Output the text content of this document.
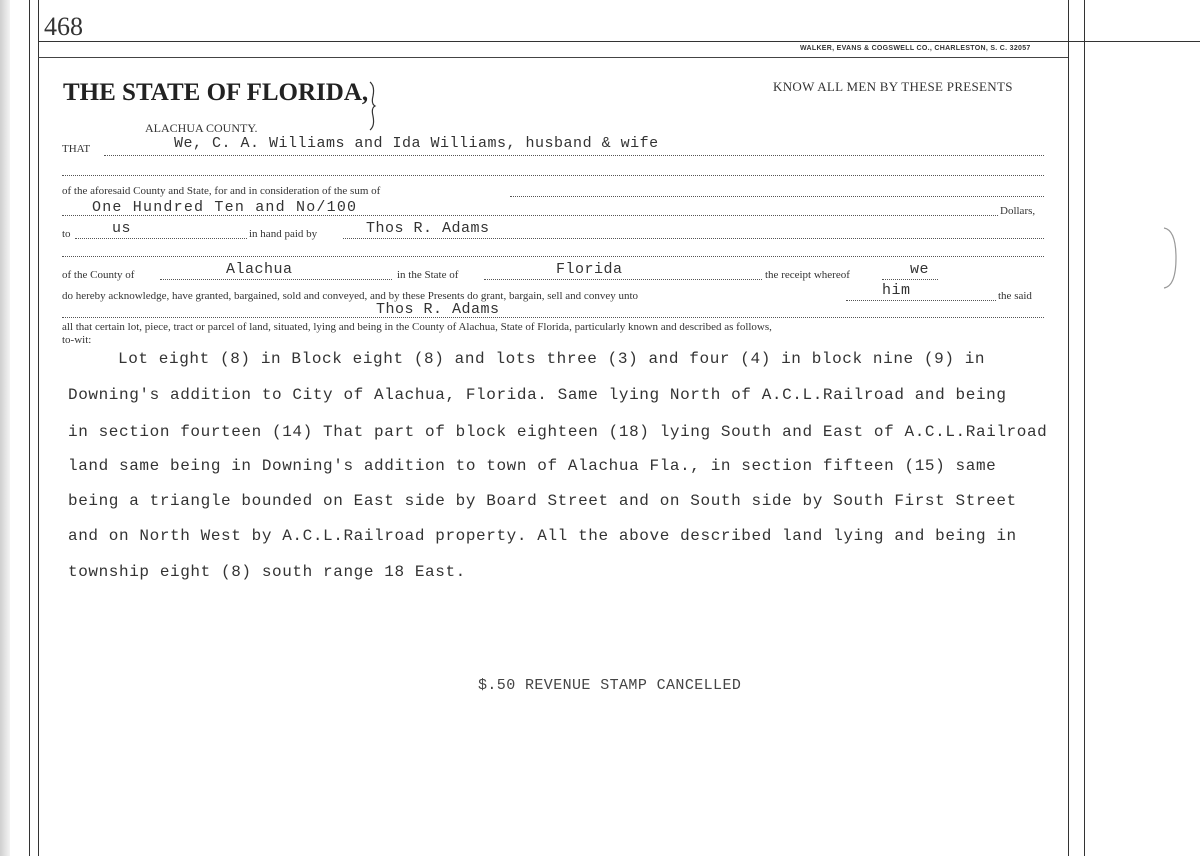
468
WALKER, EVANS & COGSWELL CO., CHARLESTON, S. C. 32057
THE STATE OF FLORIDA,	KNOW ALL MEN BY THESE PRESENTS
ALACHUA COUNTY.
THAT	We, C. A. Williams and Ida Williams, husband & wife
of the aforesaid County and State, for and in consideration of the sum of
One Hundred Ten and No/100	Dollars,
to	us	in hand paid by	Thos R. Adams
of the County of	Alachua	in the State of	Florida	the receipt whereof	we
do hereby acknowledge, have granted, bargained, sold and conveyed, and by these Presents do grant, bargain, sell and convey unto	him	the said
Thos R. Adams
all that certain lot, piece, tract or parcel of land, situated, lying and being in the County of Alachua, State of Florida, particularly known and described as follows,
to-wit:
Lot eight (8) in Block eight (8) and lots three (3) and four (4) in block nine (9) in
Downing's addition to City of Alachua, Florida. Same lying North of A.C.L.Railroad and being
in section fourteen (14) That part of block eighteen (18) lying South and East of A.C.L.Railroad
land same being in Downing's addition to town of Alachua Fla., in section fifteen (15) same
being a triangle bounded on East side by Board Street and on South side by South First Street
and on North West by A.C.L.Railroad property. All the above described land lying and being in
township eight (8) south range 18 East.
$.50 REVENUE STAMP CANCELLED
